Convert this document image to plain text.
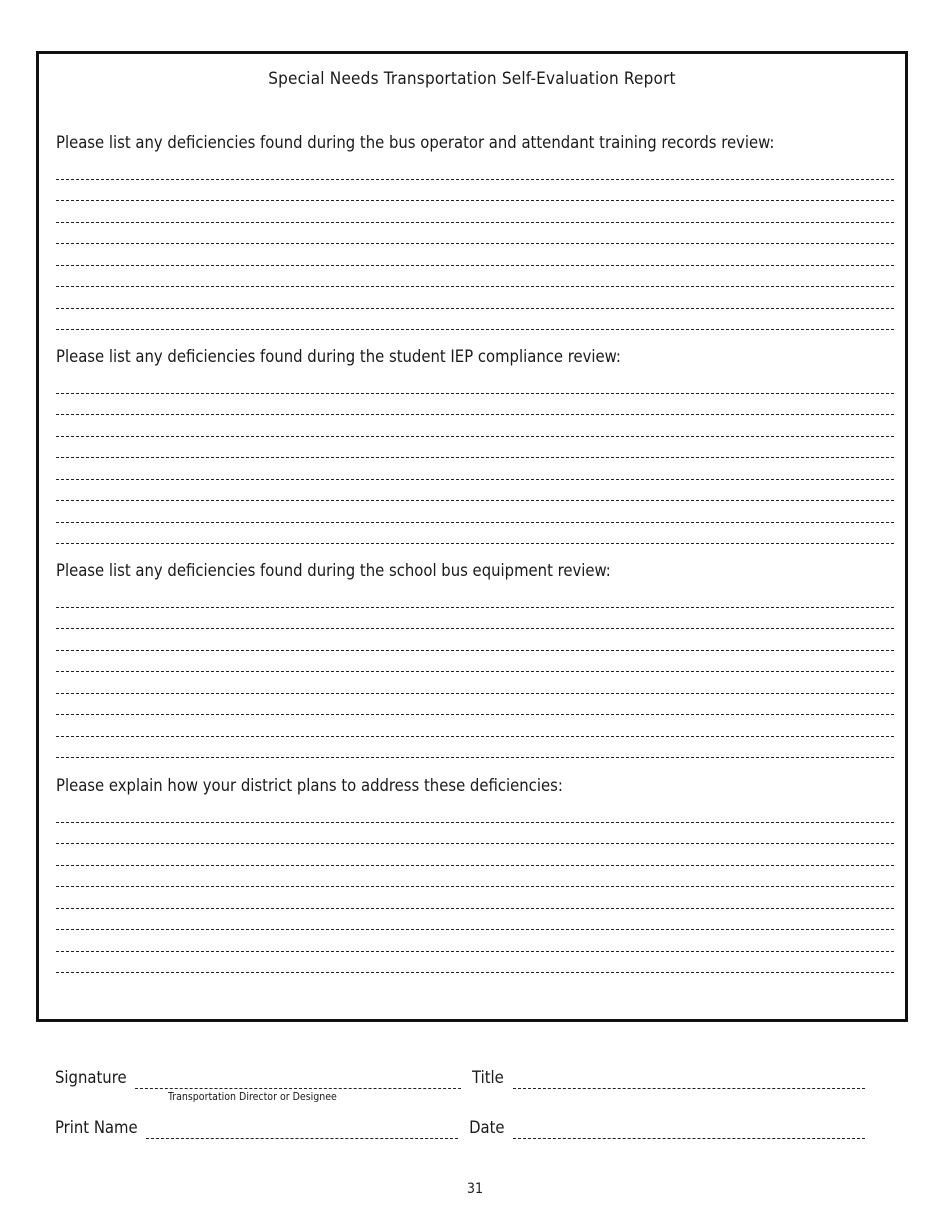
Special Needs Transportation Self-Evaluation Report
Please list any deficiencies found during the bus operator and attendant training records review:
Please list any deficiencies found during the student IEP compliance review:
Please list any deficiencies found during the school bus equipment review:
Please explain how your district plans to address these deficiencies:
Signature	Title
Transportation Director or Designee
Print Name	Date
31
